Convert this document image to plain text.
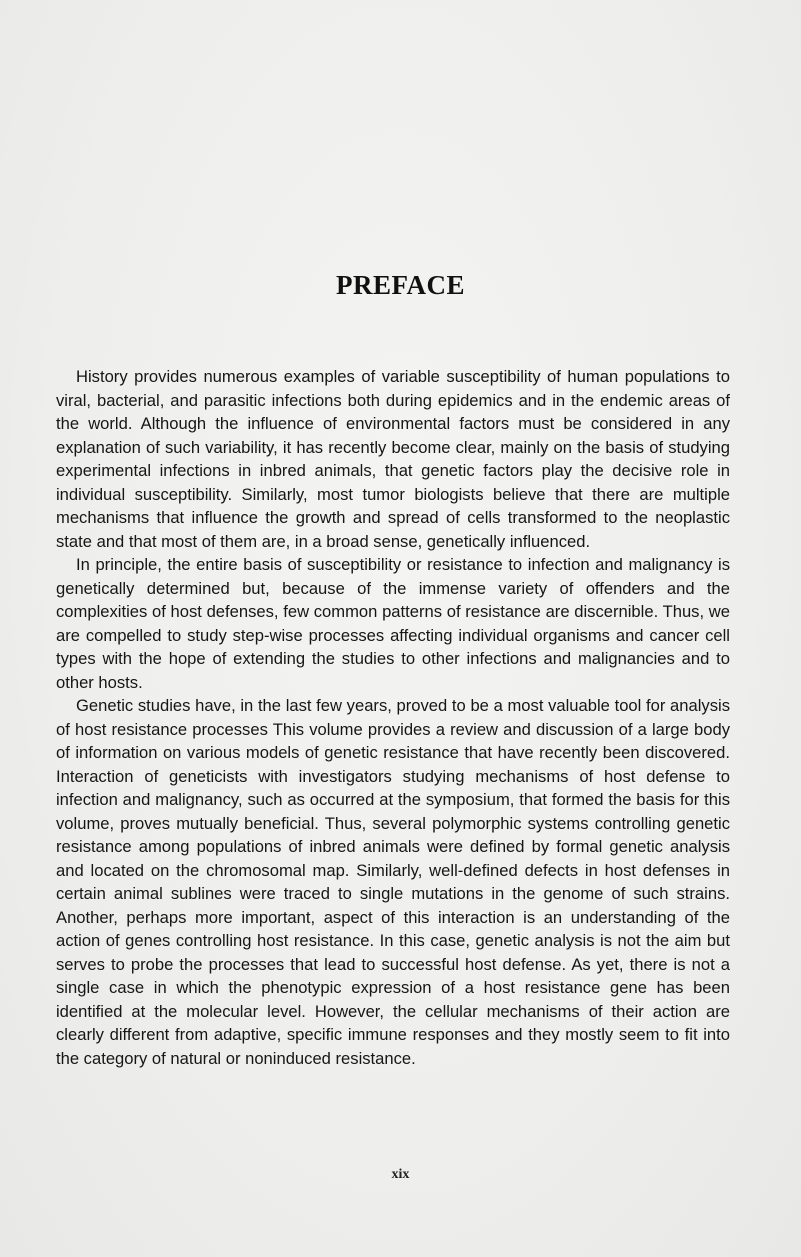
PREFACE

History provides numerous examples of variable susceptibility of human populations to viral, bacterial, and parasitic infections both during epidemics and in the endemic areas of the world. Although the influence of environmental factors must be considered in any explanation of such variability, it has recently become clear, mainly on the basis of studying experimental infections in inbred animals, that genetic factors play the decisive role in individual susceptibility. Similarly, most tumor biologists believe that there are multiple mechanisms that influence the growth and spread of cells transformed to the neoplastic state and that most of them are, in a broad sense, genetically influenced.

In principle, the entire basis of susceptibility or resistance to infection and malignancy is genetically determined but, because of the immense variety of offenders and the complexities of host defenses, few common patterns of resistance are discernible. Thus, we are compelled to study step-wise processes affecting individual organisms and cancer cell types with the hope of extending the studies to other infections and malignancies and to other hosts.

Genetic studies have, in the last few years, proved to be a most valuable tool for analysis of host resistance processes This volume provides a review and discussion of a large body of information on various models of genetic resistance that have recently been discovered. Interaction of geneticists with investigators studying mechanisms of host defense to infection and malignancy, such as occurred at the symposium, that formed the basis for this volume, proves mutually beneficial. Thus, several polymorphic systems controlling genetic resistance among populations of inbred animals were defined by formal genetic analysis and located on the chromosomal map. Similarly, well-defined defects in host defenses in certain animal sublines were traced to single mutations in the genome of such strains. Another, perhaps more important, aspect of this interaction is an understanding of the action of genes controlling host resistance. In this case, genetic analysis is not the aim but serves to probe the processes that lead to successful host defense. As yet, there is not a single case in which the phenotypic expression of a host resistance gene has been identified at the molecular level. However, the cellular mechanisms of their action are clearly different from adaptive, specific immune responses and they mostly seem to fit into the category of natural or noninduced resistance.

xix
